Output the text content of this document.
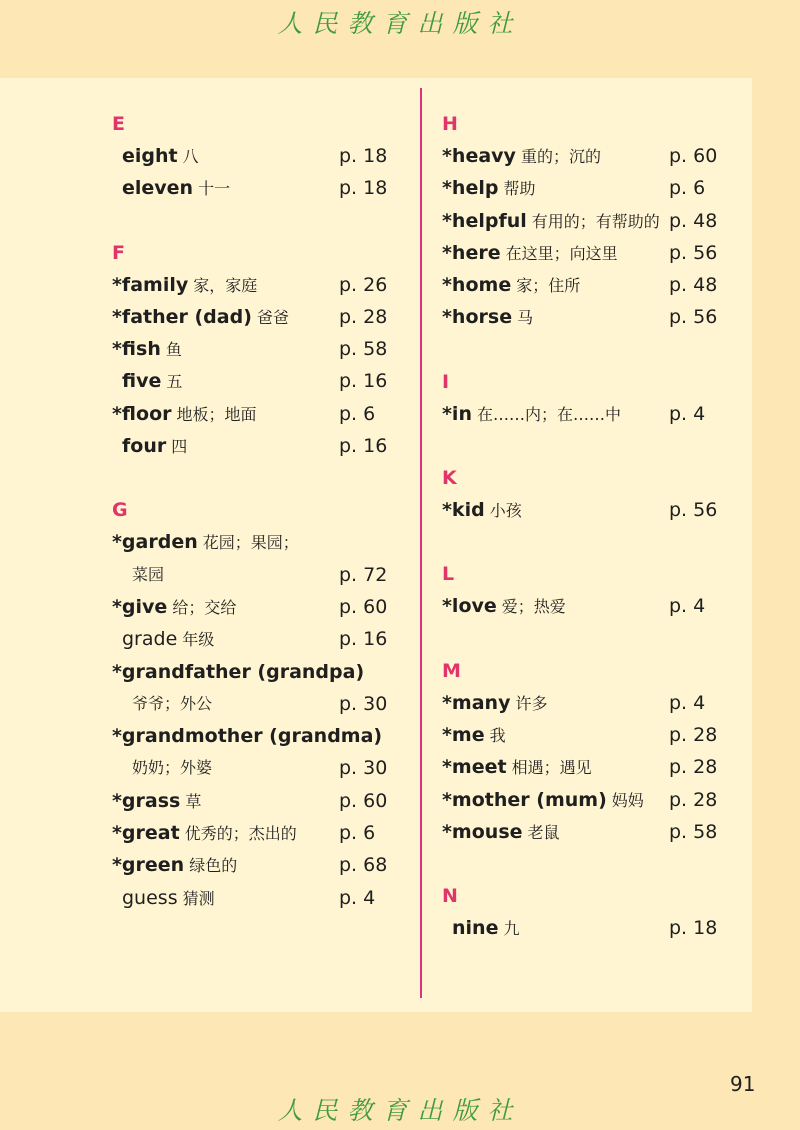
人民教育出版社
E
eight 八	p. 18
eleven 十一	p. 18
F
*family 家，家庭	p. 26
*father (dad) 爸爸	p. 28
*fish 鱼	p. 58
five 五	p. 16
*floor 地板；地面	p. 6
four 四	p. 16
G
*garden 花园；果园；
菜园	p. 72
*give 给；交给	p. 60
grade 年级	p. 16
*grandfather (grandpa)
爷爷；外公	p. 30
*grandmother (grandma)
奶奶；外婆	p. 30
*grass 草	p. 60
*great 优秀的；杰出的 p. 6
*green 绿色的	p. 68
guess 猜测	p. 4
H
*heavy 重的；沉的	p. 60
*help 帮助	p. 6
*helpful 有用的；有帮助的 p. 48
*here 在这里；向这里	p. 56
*home 家；住所	p. 48
*horse 马	p. 56
I
*in 在……内；在……中	p. 4
K
*kid 小孩	p. 56
L
*love 爱；热爱	p. 4
M
*many 许多	p. 4
*me 我	p. 28
*meet 相遇；遇见	p. 28
*mother (mum) 妈妈 p. 28
*mouse 老鼠	p. 58
N
nine 九	p. 18
91
人民教育出版社
